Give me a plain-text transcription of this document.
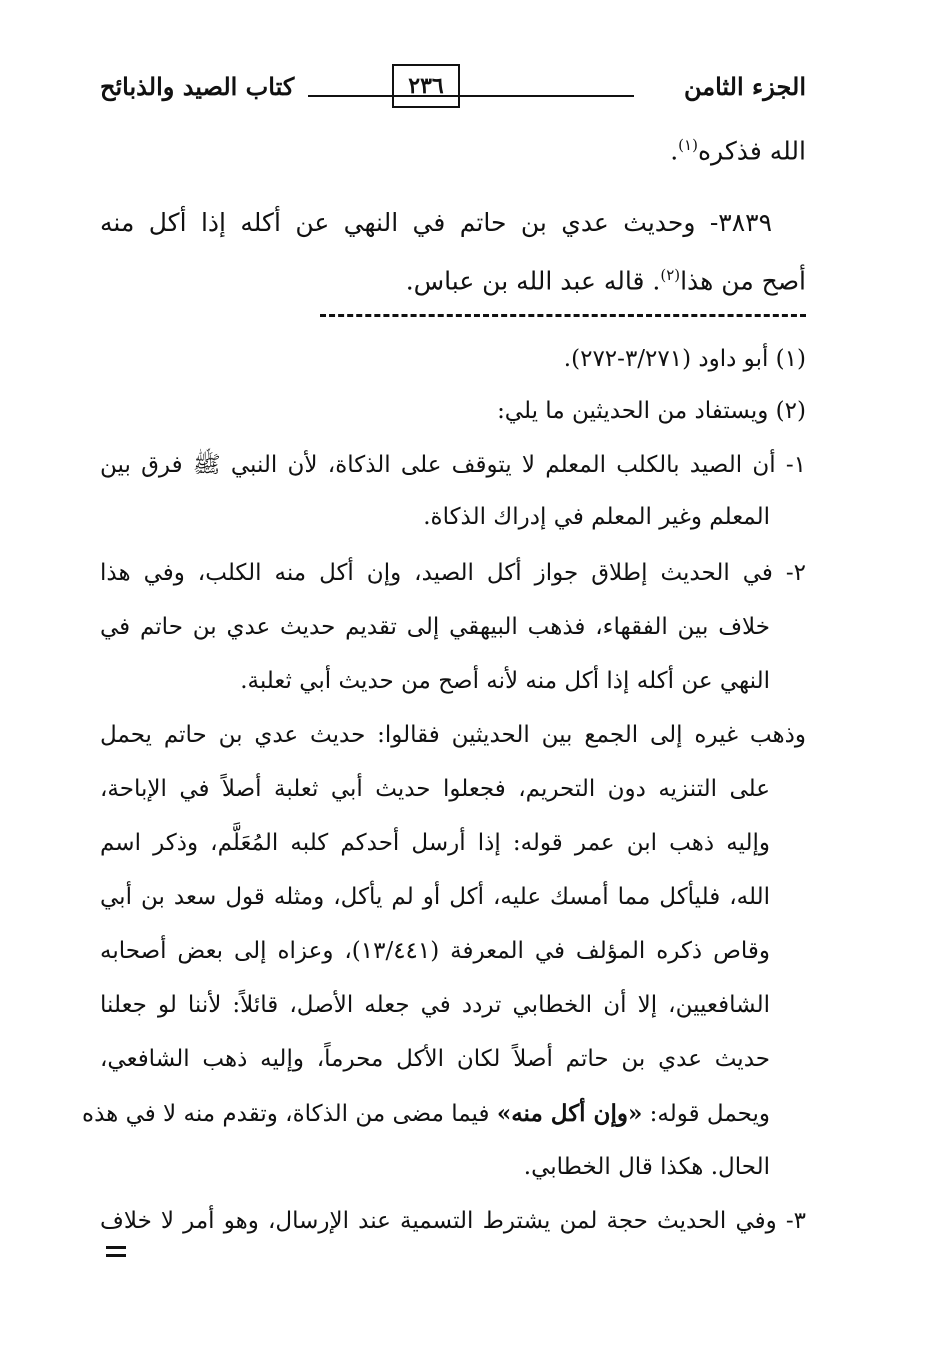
الجزء الثامن
٢٣٦
كتاب الصيد والذبائح
الله فذكره$^{(١)}$.
٣٨٣٩- وحديث عدي بن حاتم في النهي عن أكله إذا أكل منه
أصح من هذا$^{(٢)}$. قاله عبد الله بن عباس.
(١) أبو داود (٣/٢٧١-٢٧٢).
(٢) ويستفاد من الحديثين ما يلي:
١- أن الصيد بالكلب المعلم لا يتوقف على الذكاة، لأن النبي ﷺ فرق بين
المعلم وغير المعلم في إدراك الذكاة.
٢- في الحديث إطلاق جواز أكل الصيد، وإن أكل منه الكلب، وفي هذا
خلاف بين الفقهاء، فذهب البيهقي إلى تقديم حديث عدي بن حاتم في
النهي عن أكله إذا أكل منه لأنه أصح من حديث أبي ثعلبة.
وذهب غيره إلى الجمع بين الحديثين فقالوا: حديث عدي بن حاتم يحمل
على التنزيه دون التحريم، فجعلوا حديث أبي ثعلبة أصلاً في الإباحة،
وإليه ذهب ابن عمر قوله: إذا أرسل أحدكم كلبه المُعَلَّم، وذكر اسم
الله، فليأكل مما أمسك عليه، أكل أو لم يأكل، ومثله قول سعد بن أبي
وقاص ذكره المؤلف في المعرفة (١٣/٤٤١)، وعزاه إلى بعض أصحابه
الشافعيين، إلا أن الخطابي تردد في جعله الأصل، قائلاً: لأننا لو جعلنا
حديث عدي بن حاتم أصلاً لكان الأكل محرماً، وإليه ذهب الشافعي،
ويحمل قوله: «وإن أكل منه» فيما مضى من الذكاة، وتقدم منه لا في هذه
الحال. هكذا قال الخطابي.
٣- وفي الحديث حجة لمن يشترط التسمية عند الإرسال، وهو أمر لا خلاف
